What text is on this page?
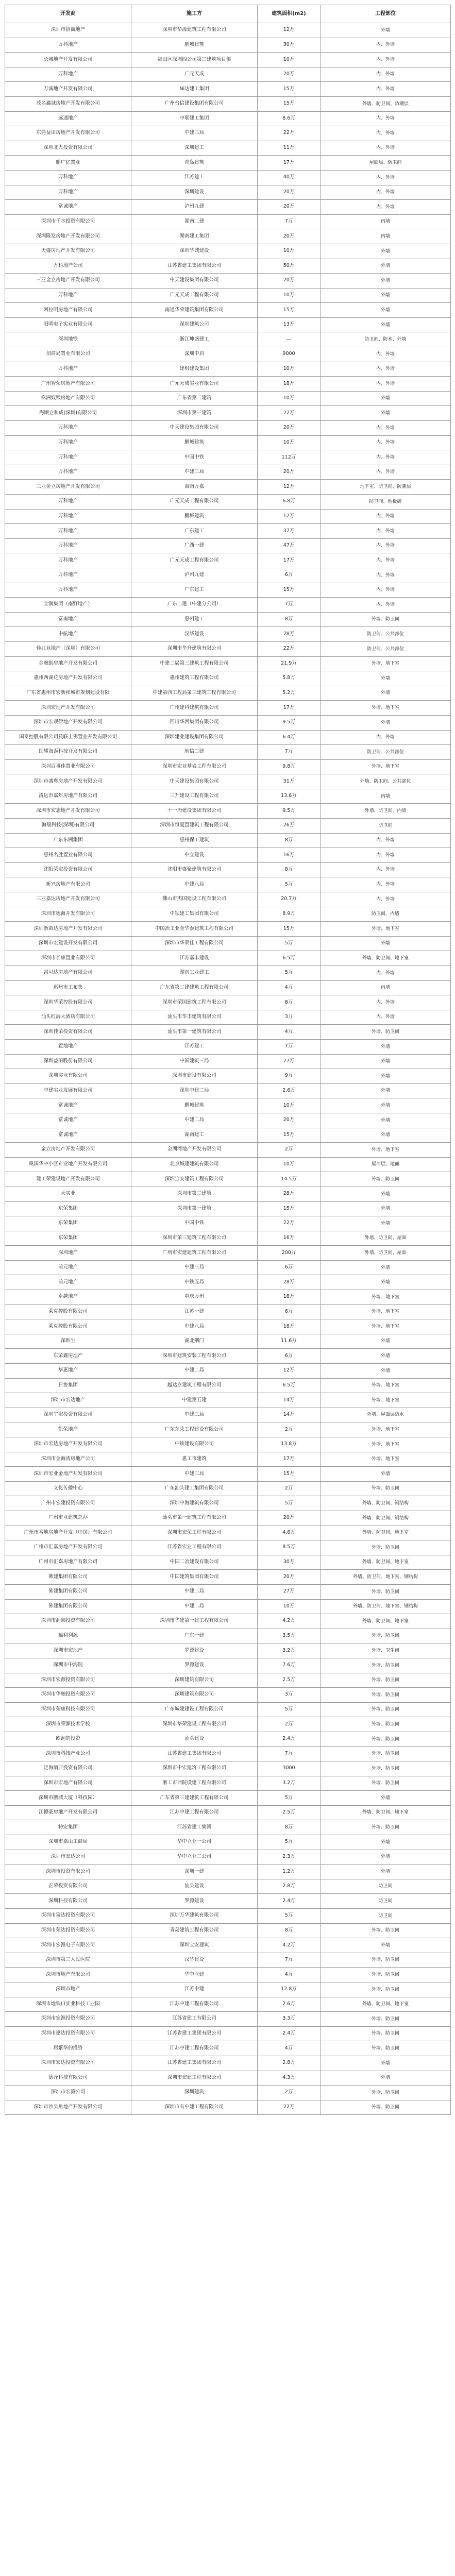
开发商	施工方	建筑面积(m2)	工程部位
深圳市招商地产	深圳市华海建筑工程有限公司	12万	外墙
万科地产	鹏城建筑	30万	内、外墙
长城地产开发有限公司	福田区深圳四公司第二建筑项目部	10万	内、外墙
万科地产	广元天成	20万	内、外墙
万诚地产开发有限公司	Ni达建工集团	15万	内、外墙
茂名鑫诚房地产开发有限公司	广州台信建设集团有限公司	15万	外墙、防卫间、防潮层
远通地产	中联建工集团	8.6万	内、外墙
东莞益田房地产开发有限公司	中建三局	22万	内、外墙
深圳北大投资有限公司	深圳建工	11万	内、外墙
鹏广亿置业	青岛建筑	17万	屋面层、防卫间
万科地产	江苏建工	40万	内、外墙
万科地产	深圳建设	20万	内、外墙
富诚地产	泸州九建	20万	内、外墙
深圳市千水投资有限公司	湖南二建	7万	内墙
深圳隆发房地产开发有限公司	湖南建工集团	20万	内墙
天盛房地产开发有限公司	深圳华诚建设	10万	外墙
万科地产公司	江苏省建工集团有限公司	50万	外墙
三亚金立房地产开发有限公司	中天建设集团有限公司	20万	外墙
万科地产	广元天成工程有限公司	10万	外墙
阿拉明房地产有限公司	南通华荣建筑集团有限公司	15万	外墙
阳明电子实业有限公司	深圳建筑公司	13万	外墙
深圳地铁	浙江坤盛建工	—	防卫间、防水、外墙
招商局置业有限公司	深圳中启	9000	内、外墙
万科地产	建机建设集团	10万	内、外墙
广州智荣房地产有限公司	广元天成实业有限公司	18万	内、外墙
株洲奴银房地产有限公司	广东省第二建筑	10万	外墙
海顺立和成(深圳)有限公司	深圳市第三建筑	22万	外墙
万科地产	中天建设集团有限公司	20万	内、外墙
万科地产	鹏城建筑	10万	内、外墙
万科地产	中国中铁	112万	内、外墙
万科地产	中建二局	20万	内、外墙
三亚金立房地产开发有限公司	海南万嘉	12万	地下室、防卫间、防潮层
万科地产	广元天成工程有限公司	6.8万	防卫间、地板砖
万科地产	鹏城建筑	12万	内、外墙
万科地产	广东建工	37万	内、外墙
万科地产	广西一建	47万	内、外墙
万科地产	广元天成工程有限公司	17万	内、外墙
万科地产	泸州九建	6万	内、外墙
万科地产	广东建工	15万	内、外墙
立润集团（南野地产）	广东二建（中建分公司）	7万	内、外墙
富南地产	惠州建工	8万	外墙、防卫间
中航地产	汉华建设	78万	防卫间、公共部位
佳兆业地产（深圳）有限公司	深圳市华升建筑有限公司	22万	防卫间、公共部位
金融街房地产开发有限公司	中建二局第三建筑工程有限公司	21.9万	外墙、地下室
惠州西湖花房地产开发有限公司	惠州建筑工程有限公司	5.8万	外墙
广东省惠州市宏新和城市规划建设有限	中建第四工程局第三建筑工程有限公司	5.2万	外墙
深圳宏地产开发有限公司	广州建科建筑有限公司	17万	外墙、地下室
深圳市宏观伊地产开发有限公司	四川华西集团有限公司	9.5万	外墙
国泰控股有限公司及联上佛置业开发有限公司	深圳建业建设集团有限公司	6.4万	内、外墙
国耀海泰科技开发有限公司	地信二建	7万	防卫间、公共部位
深圳百事佳置业有限公司	深圳市宏业基岩工程有限公司	9.8万	外墙、地下室
深圳市盛粤房地产开发有限公司	中天建设集团有限公司	31万	外墙、防卫间、公共部位
清远市嘉年房地产有限公司	三升建设工程有限公司	13.6万	内墙
深圳市宏志地产开发有限公司	十一冶建设集团有限公司	9.5万	外墙、防卫间、内墙
海晟科技(深圳)有限公司	深圳市恒厦置建筑工程有限公司	26万	防卫间
广东东洲集团	惠州保工建筑	8万	内、外墙
惠州名胜置业有限公司	中立建设	16万	内、外墙
沈阳荣宏投资有限公司	沈阳市盛聚建筑有限公司	8万	内、外墙
新兴房地产有限公司	中建八局	5万	内、外墙
三亚嘉达房地产开发有限公司	佛山市杰国建设工程有限公司	20.7万	内、外墙
深圳市德海开发有限公司	中铁建工集团有限公司	8.9万	防卫间、内墙
深圳新苗达房地产开发有限公司	中国冶工业金华泰建筑工程有限公司	15万	外墙、地下室
深圳市宏建设开发有限公司	深圳市华荣佳工程有限公司	5万	外墙
深圳市长康置业有限公司	江苏嘉丰建设	6.5万	外墙、防卫间、地下室
富可达房地产有限公司	湖南工业建工	5万	内、外墙
惠州市工布集	广东省第二建建筑工程有限公司	4万	内墙
深圳华荣控股有限公司	深圳市荣国建筑工程有限公司	8万	内、外墙
汕头红海大酒店有限公司	汕头市华丰建筑有限公司	3万	内、外墙
深圳佳荣投资有限公司	汕头市第一建筑有限公司	4万	外墙、防卫间
置地地产	江苏建工	7万	外墙
深圳益田股份有限公司	中国建筑三局	77万	外墙
深圳实业有限公司	深圳市建设有限公司	9万	外墙
中建实业发展有限公司	深圳中建二局	2.6万	外墙
富诚地产	鹏城建筑	10万	外墙
富诚地产	中建二局	20万	外墙
富诚地产	湖南建工	15万	外墙
金立房地产开发有限公司	金湖湾地产开发有限公司	2万	外墙、地下室
奥国华中小区布业地产开发有限公司	北京城建建筑有限公司	10万	屋面层、地面
建工荣建设地产开发有限公司	深圳宝安建筑工程有限公司	14.5万	外墙、防卫间
天实业	深圳市第二建筑	28万	外墙
东荣集团	深圳市第一建筑	15万	外墙
东荣集团	中国中铁	22万	外墙
东荣集团	深圳市第三建筑工程有限公司	16万	外墙、防卫间、屋面
深圳地产	广州市宏建建筑工程有限公司	200万	外墙、防卫间、屋面
前元地产	中建三局	6万	外墙
前元地产	中铁五局	28万	外墙
卓越地产	重庆万州	18万	外墙、地下室
莱克控股有限公司	江苏一建	6万	外墙、地下室
莱克控股有限公司	中建八局	18万	外墙、地下室
深圳生	湖北荆门	11.6万	外墙
东荣鑫房地产	深圳市建筑安装工程有限公司	6万	外墙
华惠地产	中建二局	12万	外墙
日协集团	越达立建筑工程有限公司	6.5万	外墙、地下室
深圳市宏达地产	中建第五建	14万	外墙、地下室
深圳宇宏投资有限公司	中建三局	14万	外墙、屋面层防水
凯荣地产	广东东荣工程建设有限公司	2万	外墙、地下室
深圳市宏达房地产开发有限公司	中铁建设有限公司	13.8万	外墙、地下室
深圳市金海湾房地产公司	惠工市建筑	17万	外墙、地下室
深圳市宏业金地产开发有限公司	中建三局	15万	外墙
文化传播中心	广东汕头建工集团有限公司	2万	外墙、防卫间
广州市宏建投资有限公司	深圳中海建筑有限公司	5万	外墙、防卫间、钢结构
广州市亚建筑总办	汕头市第一建筑工程有限公司	20万	外墙、防卫间、钢结构
广州市番地房地产开发（中国）有限公司	深圳市宏荣工程有限公司	4.6万	外墙、防卫间、地下室
广州市汇嘉房地产开发有限公司	江苏省宏业工程有限公司	8.5万	外墙、防卫间
广州市汇嘉房地产有限公司	中国二冶建设有限公司	30万	外墙、防卫间、地下室
佛建集团有限公司	中国建筑集团有限公司	20万	外墙、防卫间、地下室、钢结构
佛建集团有限公司	中建二局	27万	外墙、防卫间
佛建集团有限公司	中建二局	10万	外墙、防卫间、地下室、钢结构
深圳市润园投资有限公司	深圳市华建第一建工程有限公司	4.2万	外墙、防卫间、地下室
福利利源	广东一建	3.5万	外墙、防卫间
深圳市宏地产	罗源建设	3.2万	外墙、卫生间
深圳市中海院	罗源建设	7.6万	外墙、防卫间
深圳市宏源投资有限公司	深圳建筑有限公司	2.5万	外墙、防卫间
深圳市华融投资有限公司	深圳建筑有限公司	3万	外墙、防卫间
深圳市荣康科技有限公司	广东城建建设工程有限公司	5万	外墙、防卫间
深圳市荣源技术学校	深圳市华荣建设工程有限公司	2万	外墙、防卫间
欧润的投资	汕头建设	2.4万	外墙、防卫间
深圳市科技产业公司	江苏省建工集团有限公司	7万	外墙、防卫间
泛海酒店投资有限公司	深圳市中宏建筑工程有限公司	3000	外墙、防卫间
深圳市宏地产有限公司	浙工市西院设建工程有限公司	3.2万	外墙、防卫间
深圳市鹏城大厦（科技园）	广东省第三建建筑工程有限公司	5万	外墙
江德豪房地产开发有限公司	江苏中建工程有限公司	2.5万	外墙、防卫间、地下室
特安集团	江苏省建工集团	8万	外墙、防卫间
深圳市嘉山工商局	华中立业一公司	5万	外墙
深圳市宏达公司	华中立业二公司	2.3万	外墙
深圳市投资有限公司	深圳一建	1.2万	外墙
正荣投资有限公司	汕头建设	2.8万	防卫间
深圳科技有限公司	罗源建设	2.4万	防卫间
深圳市富达投资有限公司	深圳万华建筑有限公司	5万	防卫间
深圳市荣达投资有限公司	青岛建筑工程有限公司	8万	外墙、防卫间
深圳市宏源电子有限公司	深圳宝安建筑	4.2万	外墙
深圳市第二人民医院	汉华建设	7万	外墙、防卫间
深圳市地产有限公司	华中立建	4万	外墙、防卫间
深圳市地产	江苏中建	12.8万	外墙、防卫间
深圳市地铁口实业科技工业园	江苏中建工程有限公司	2.6万	外墙、防卫间、地下室
深圳市宏源投资有限公司	江苏省建工有限公司	3.3万	外墙、防卫间
深圳市建达投资有限公司	江苏省建工集团有限公司	2.4万	外墙、防卫间
居繁华的投资	江苏中建工程有限公司	4万	外墙、防卫间
深圳市宏达投资有限公司	江苏省建工集团有限公司	2.8万	外墙
德泽科技有限公司	深圳市宏建工程有限公司	4.3万	外墙
深圳市宏湾公司	深圳建筑	2万	外墙、防卫间
深圳市沙头角地产开发有限公司	深圳市有中建工程有限公司	22万	外墙、防卫间
